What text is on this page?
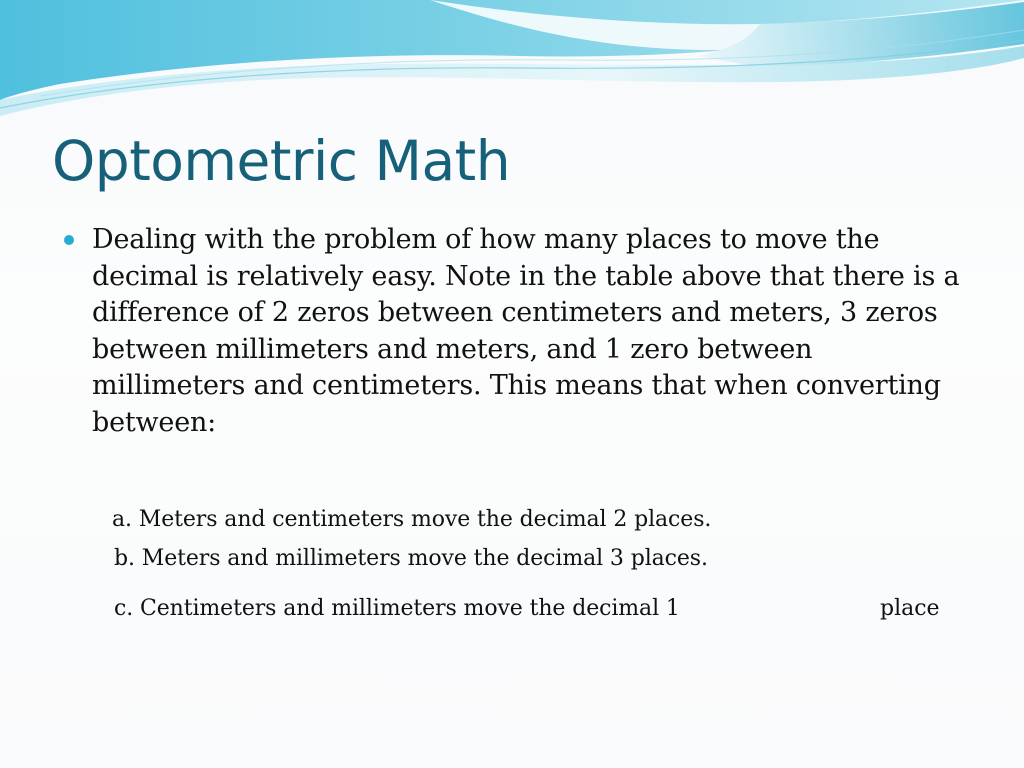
Optometric Math

Dealing with the problem of how many places to move the decimal is relatively easy. Note in the table above that there is a difference of 2 zeros between centimeters and meters, 3 zeros between millimeters and meters, and 1 zero between millimeters and centimeters. This means that when converting between:

a. Meters and centimeters move the decimal 2 places.

b. Meters and millimeters move the decimal 3 places.

c. Centimeters and millimeters move the decimal 1	place
